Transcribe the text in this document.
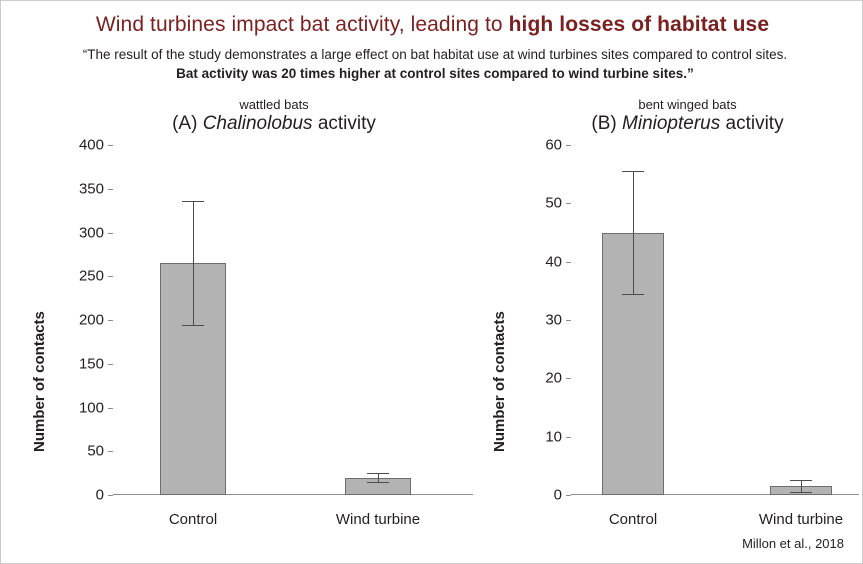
Wind turbines impact bat activity, leading to high losses of habitat use
“The result of the study demonstrates a large effect on bat habitat use at wind turbines sites compared to control sites. Bat activity was 20 times higher at control sites compared to wind turbine sites.”
wattled bats
(A) Chalinolobus activity
Number of contacts
0
50
100
150
200
250
300
350
400
Control	Wind turbine
bent winged bats
(B) Miniopterus activity
Number of contacts
0
10
20
30
40
50
60
Control	Wind turbine
Millon et al., 2018
